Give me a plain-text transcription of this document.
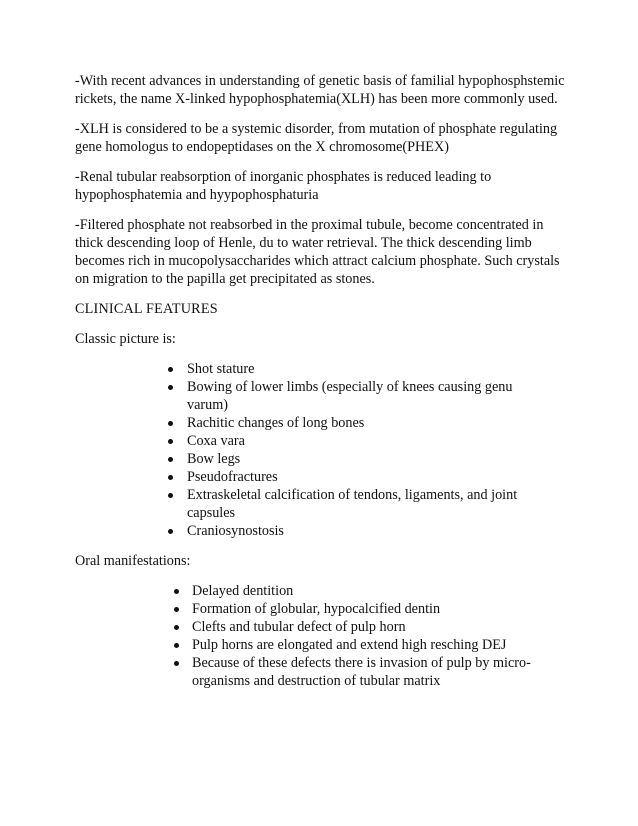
-With recent advances in understanding of genetic basis of familial hypophosphstemic rickets, the name X-linked hypophosphatemia(XLH) has been more commonly used.

-XLH is considered to be a systemic disorder, from mutation of phosphate regulating gene homologus to endopeptidases on the X chromosome(PHEX)

-Renal tubular reabsorption of inorganic phosphates is reduced leading to hypophosphatemia and hyypophosphaturia

-Filtered phosphate not reabsorbed in the proximal tubule, become concentrated in thick descending loop of Henle, du to water retrieval. The thick descending limb becomes rich in mucopolysaccharides which attract calcium phosphate. Such crystals on migration to the papilla get precipitated as stones.

CLINICAL FEATURES

Classic picture is:

Shot stature
Bowing of lower limbs (especially of knees causing genu varum)
Rachitic changes of long bones
Coxa vara
Bow legs
Pseudofractures
Extraskeletal calcification of tendons, ligaments, and joint capsules
Craniosynostosis

Oral manifestations:

Delayed dentition
Formation of globular, hypocalcified dentin
Clefts and tubular defect of pulp horn
Pulp horns are elongated and extend high resching DEJ
Because of these defects there is invasion of pulp by micro-organisms and destruction of tubular matrix
